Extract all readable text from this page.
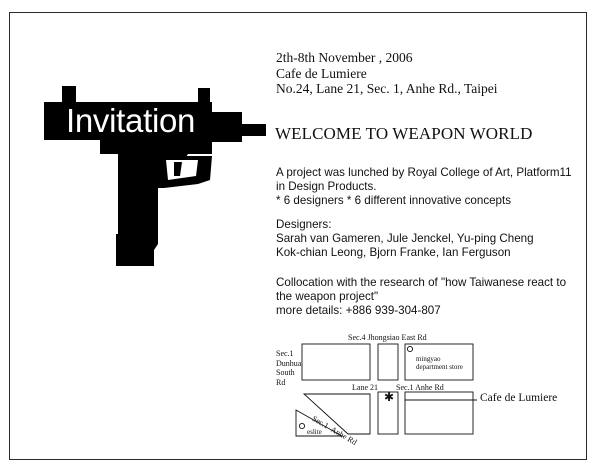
Invitation
2th-8th November , 2006
Cafe de Lumiere
No.24, Lane 21, Sec. 1, Anhe Rd., Taipei
WELCOME TO WEAPON WORLD
A project was lunched by Royal College of Art, Platform11
in Design Products.
* 6 designers * 6 different innovative concepts
Designers:
Sarah van Gameren, Jule Jenckel, Yu-ping Cheng
Kok-chian Leong, Bjorn Franke, Ian Ferguson
Collocation with the research of "how Taiwanese react to
the weapon project"
more details: +886 939-304-807
Sec.4 Jhongsiao East Rd
Sec.1
Dunhua
South
Rd
mingyao
department store
Lane 21 Sec.1 Anhe Rd
Sec.1  Anhe Rd
eslite
✱	Cafe de Lumiere
